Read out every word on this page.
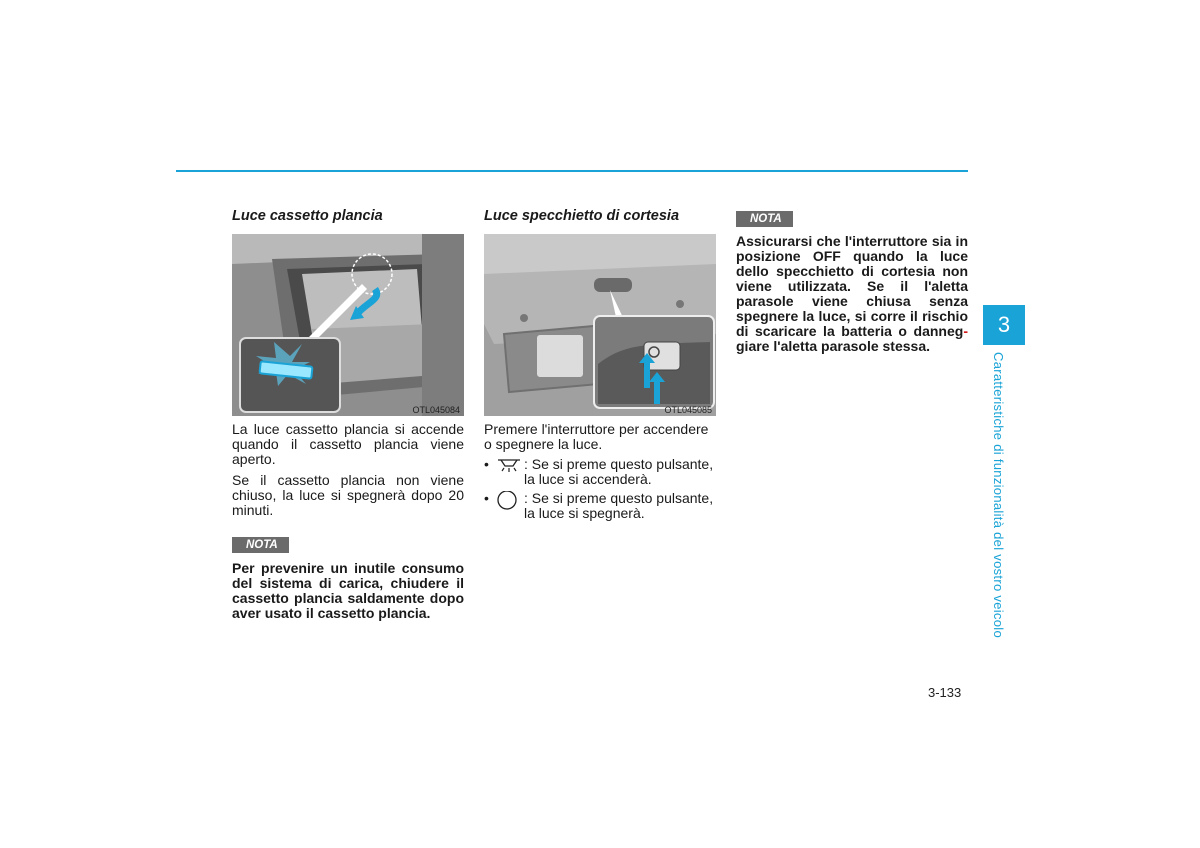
Luce cassetto plancia
OTL045084

La luce cassetto plancia si accende quando il cassetto plancia viene aperto.

Se il cassetto plancia non viene chiuso, la luce si spegnerà dopo 20 minuti.

NOTA
Per prevenire un inutile consumo del sistema di carica, chiudere il cassetto plancia saldamente dopo aver usato il cassetto plancia.
Luce specchietto di cortesia
OTL045085

Premere l'interruttore per accendere o spegnere la luce.

•	: Se si preme questo pulsante, la luce si accenderà.
•	: Se si preme questo pulsante, la luce si spegnerà.
NOTA
Assicurarsi che l'interruttore sia in posizione OFF quando la luce dello specchietto di cortesia non viene utilizzata. Se il l'aletta parasole viene chiusa senza spegnere la luce, si corre il rischio di scaricare la batteria o danneg- giare l'aletta parasole stessa.
3
Caratteristiche di funzionalità del vostro veicolo
3-133
